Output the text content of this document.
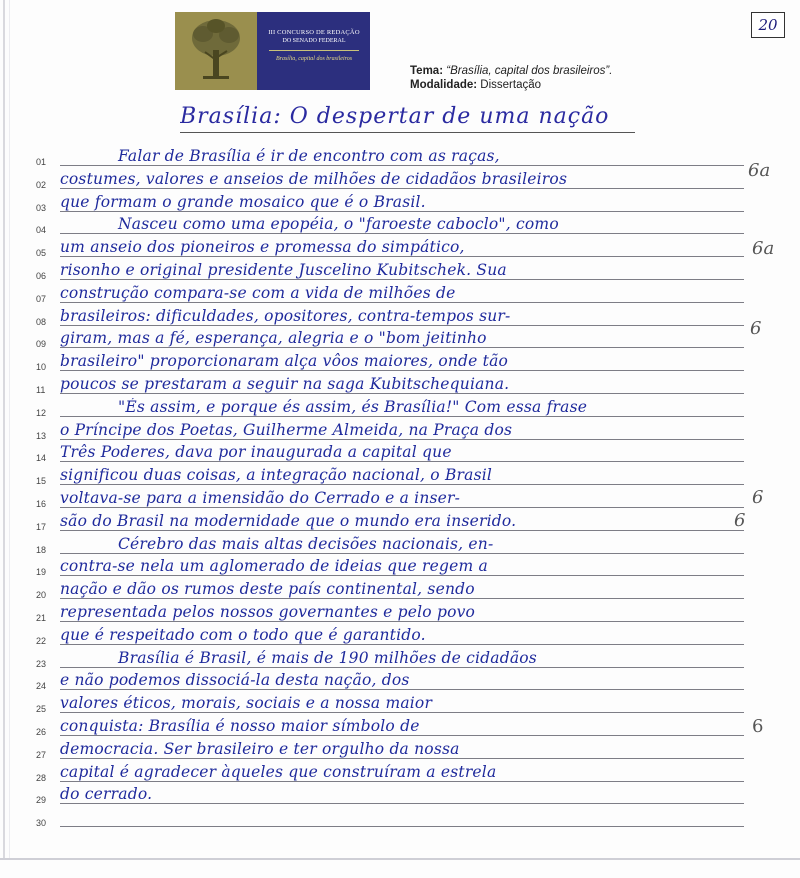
III CONCURSO DE REDAÇÃO
DO SENADO FEDERAL
Brasília, capital dos brasileiros
20
Tema: “Brasília, capital dos brasileiros”.
Modalidade: Dissertação
Brasília: O despertar de uma nação
01	Falar de Brasília é ir de encontro com as raças,
02 costumes, valores e anseios de milhões de cidadãos brasileiros
03 que formam o grande mosaico que é o Brasil.
04	Nasceu como uma epopéia, o "faroeste caboclo", como
05 um anseio dos pioneiros e promessa do simpático,
06 risonho e original presidente Juscelino Kubitschek. Sua
07 construção compara-se com a vida de milhões de
08 brasileiros: dificuldades, opositores, contra-tempos sur-
09 giram, mas a fé, esperança, alegria e o "bom jeitinho
10 brasileiro" proporcionaram alça vôos maiores, onde tão
11 poucos se prestaram a seguir na saga Kubitschequiana.
12	"És assim, e porque és assim, és Brasília!" Com essa frase
13 o Príncipe dos Poetas, Guilherme Almeida, na Praça dos
14 Três Poderes, dava por inaugurada a capital que
15 significou duas coisas, a integração nacional, o Brasil
16 voltava-se para a imensidão do Cerrado e a inser-
17 são do Brasil na modernidade que o mundo era inserido.
18	Cérebro das mais altas decisões nacionais, en-
19 contra-se nela um aglomerado de ideias que regem a
20 nação e dão os rumos deste país continental, sendo
21 representada pelos nossos governantes e pelo povo
22 que é respeitado com o todo que é garantido.
23	Brasília é Brasil, é mais de 190 milhões de cidadãos
24 e não podemos dissociá-la desta nação, dos
25 valores éticos, morais, sociais e a nossa maior
26 conquista: Brasília é nosso maior símbolo de
27 democracia. Ser brasileiro e ter orgulho da nossa
28 capital é agradecer àqueles que construíram a estrela
29 do cerrado.
30
6a
6a
6
6
6
6
